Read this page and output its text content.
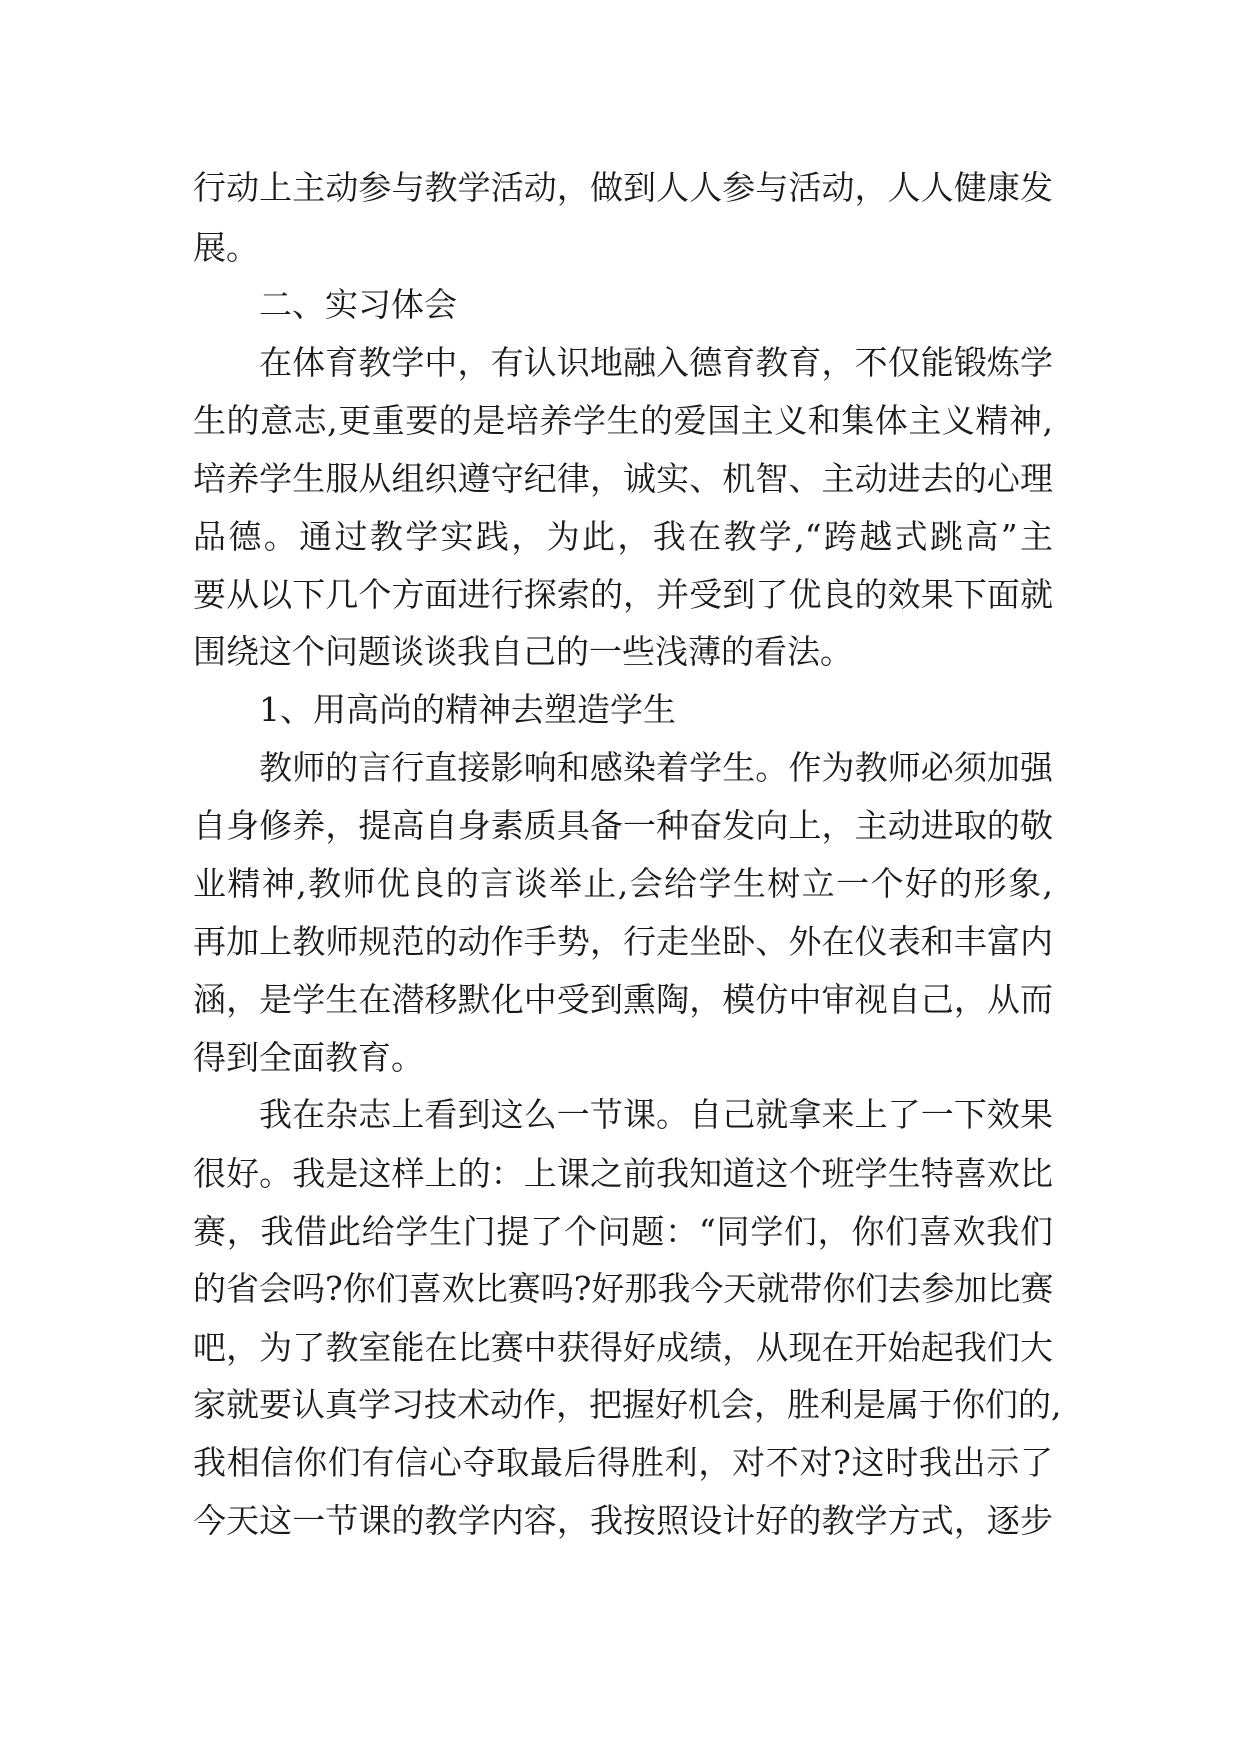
行动上主动参与教学活动，做到人人参与活动，人人健康发
展。
二、实习体会
在体育教学中，有认识地融入德育教育，不仅能锻炼学
生的意志,更重要的是培养学生的爱国主义和集体主义精神,
培养学生服从组织遵守纪律，诚实、机智、主动进去的心理
品德。通过教学实践，为此，我在教学,“跨越式跳高”主
要从以下几个方面进行探索的，并受到了优良的效果下面就
围绕这个问题谈谈我自己的一些浅薄的看法。
1、用高尚的精神去塑造学生
教师的言行直接影响和感染着学生。作为教师必须加强
自身修养，提高自身素质具备一种奋发向上，主动进取的敬
业精神,教师优良的言谈举止,会给学生树立一个好的形象,
再加上教师规范的动作手势，行走坐卧、外在仪表和丰富内
涵，是学生在潜移默化中受到熏陶，模仿中审视自己，从而
得到全面教育。
我在杂志上看到这么一节课。自己就拿来上了一下效果
很好。我是这样上的：上课之前我知道这个班学生特喜欢比
赛，我借此给学生门提了个问题：“同学们，你们喜欢我们
的省会吗?你们喜欢比赛吗?好那我今天就带你们去参加比赛
吧，为了教室能在比赛中获得好成绩，从现在开始起我们大
家就要认真学习技术动作，把握好机会，胜利是属于你们的,
我相信你们有信心夺取最后得胜利，对不对?这时我出示了
今天这一节课的教学内容，我按照设计好的教学方式，逐步
